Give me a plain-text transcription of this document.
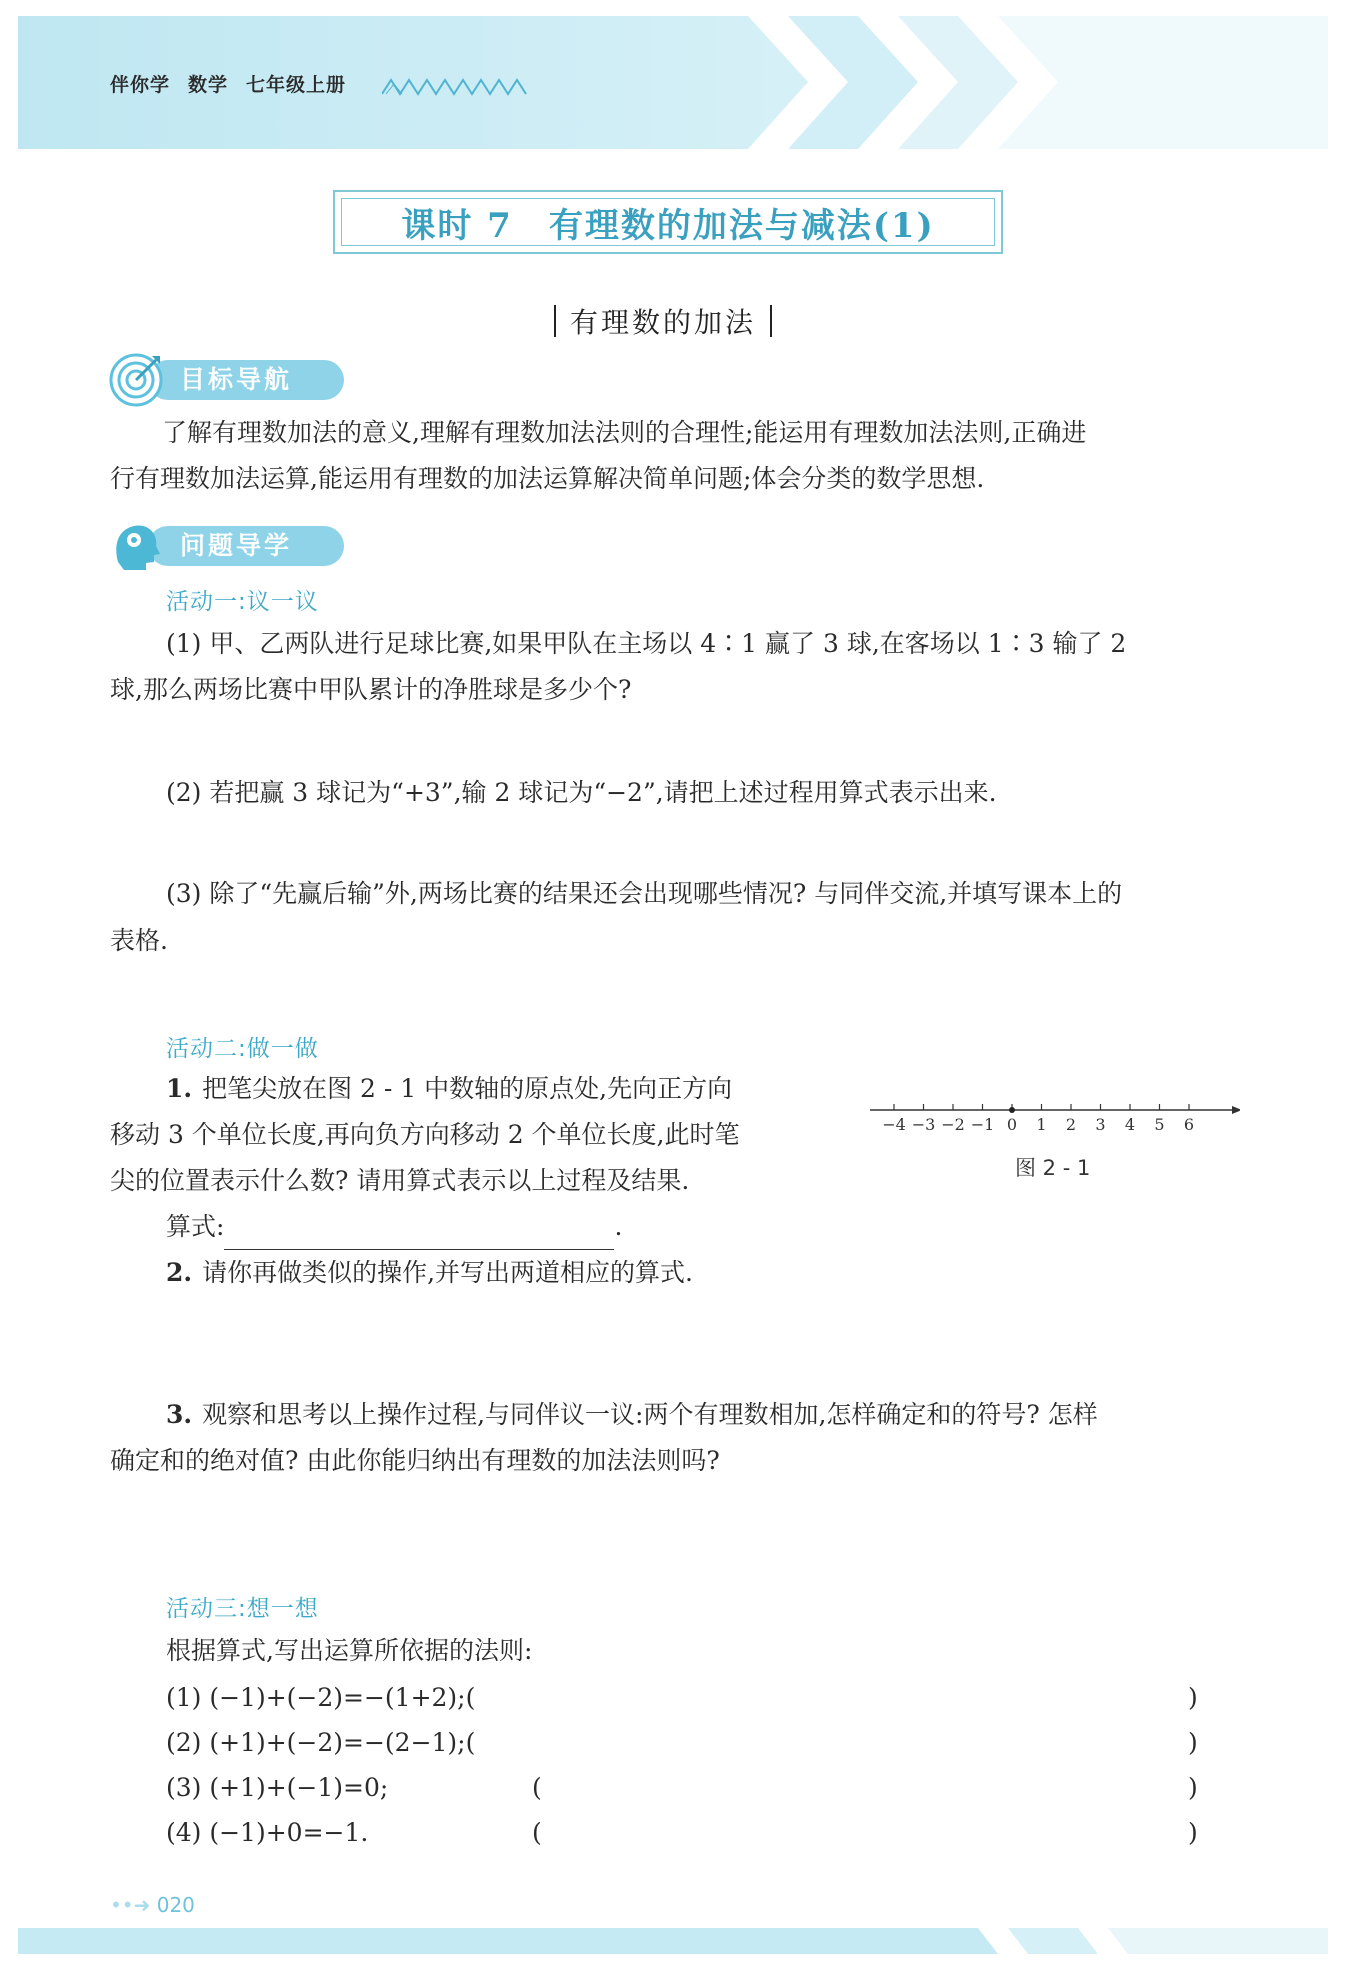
伴你学 数学 七年级上册
课时 7　有理数的加法与减法(1)
有理数的加法
目标导航
了解有理数加法的意义,理解有理数加法法则的合理性;能运用有理数加法法则,正确进
行有理数加法运算,能运用有理数的加法运算解决简单问题;体会分类的数学思想.
问题导学
活动一:议一议
(1) 甲、乙两队进行足球比赛,如果甲队在主场以 4∶1 赢了 3 球,在客场以 1∶3 输了 2
球,那么两场比赛中甲队累计的净胜球是多少个?
(2) 若把赢 3 球记为“+3”,输 2 球记为“−2”,请把上述过程用算式表示出来.
(3) 除了“先赢后输”外,两场比赛的结果还会出现哪些情况? 与同伴交流,并填写课本上的
表格.
活动二:做一做
1. 把笔尖放在图 2 - 1 中数轴的原点处,先向正方向
移动 3 个单位长度,再向负方向移动 2 个单位长度,此时笔
尖的位置表示什么数? 请用算式表示以上过程及结果.
算式:	.
2. 请你再做类似的操作,并写出两道相应的算式.
3. 观察和思考以上操作过程,与同伴议一议:两个有理数相加,怎样确定和的符号? 怎样
确定和的绝对值? 由此你能归纳出有理数的加法法则吗?
−4 −3 −2 −1 0 1 2 3 4 5 6
图 2 - 1
活动三:想一想
根据算式,写出运算所依据的法则:
(1) (−1)+(−2)=−(1+2);(	)
(2) (+1)+(−2)=−(2−1);(	)
(3) (+1)+(−1)=0;	(	)
(4) (−1)+0=−1.	(	)
••➜ 020
